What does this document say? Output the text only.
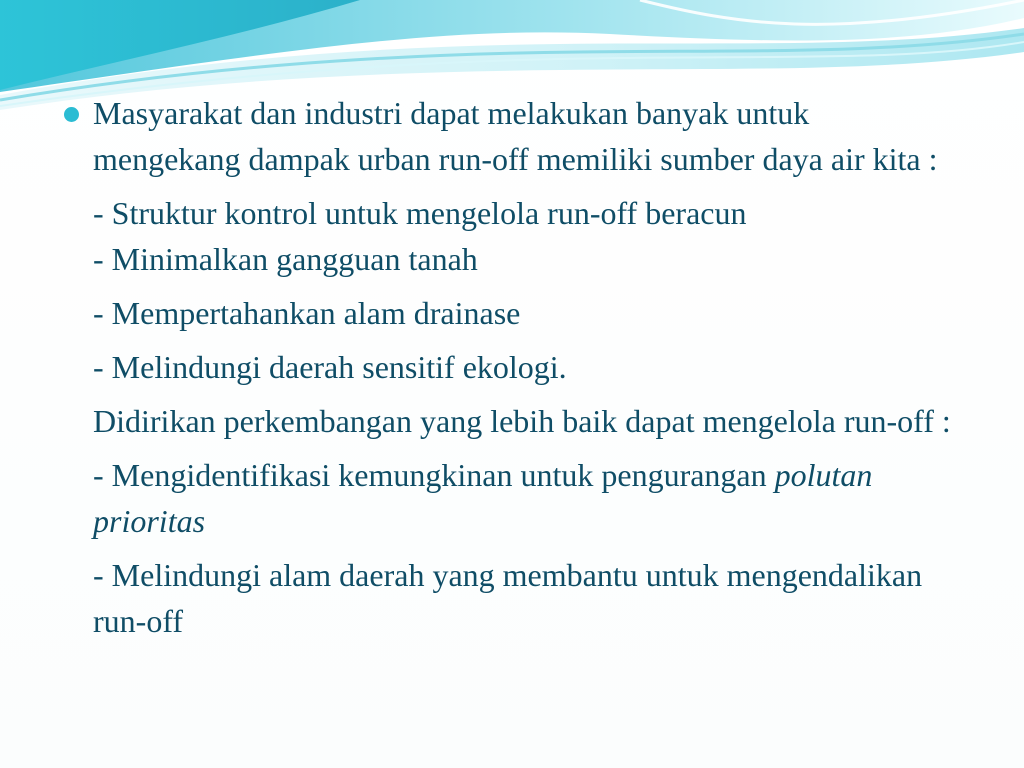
Masyarakat dan industri dapat melakukan banyak untuk mengekang dampak urban run-off memiliki sumber daya air kita :
- Struktur kontrol untuk mengelola run-off beracun
- Minimalkan gangguan tanah
- Mempertahankan alam drainase
- Melindungi daerah sensitif ekologi.
Didirikan perkembangan yang lebih baik dapat mengelola run-off :
- Mengidentifikasi kemungkinan untuk pengurangan polutan prioritas
- Melindungi alam daerah yang membantu untuk mengendalikan run-off
